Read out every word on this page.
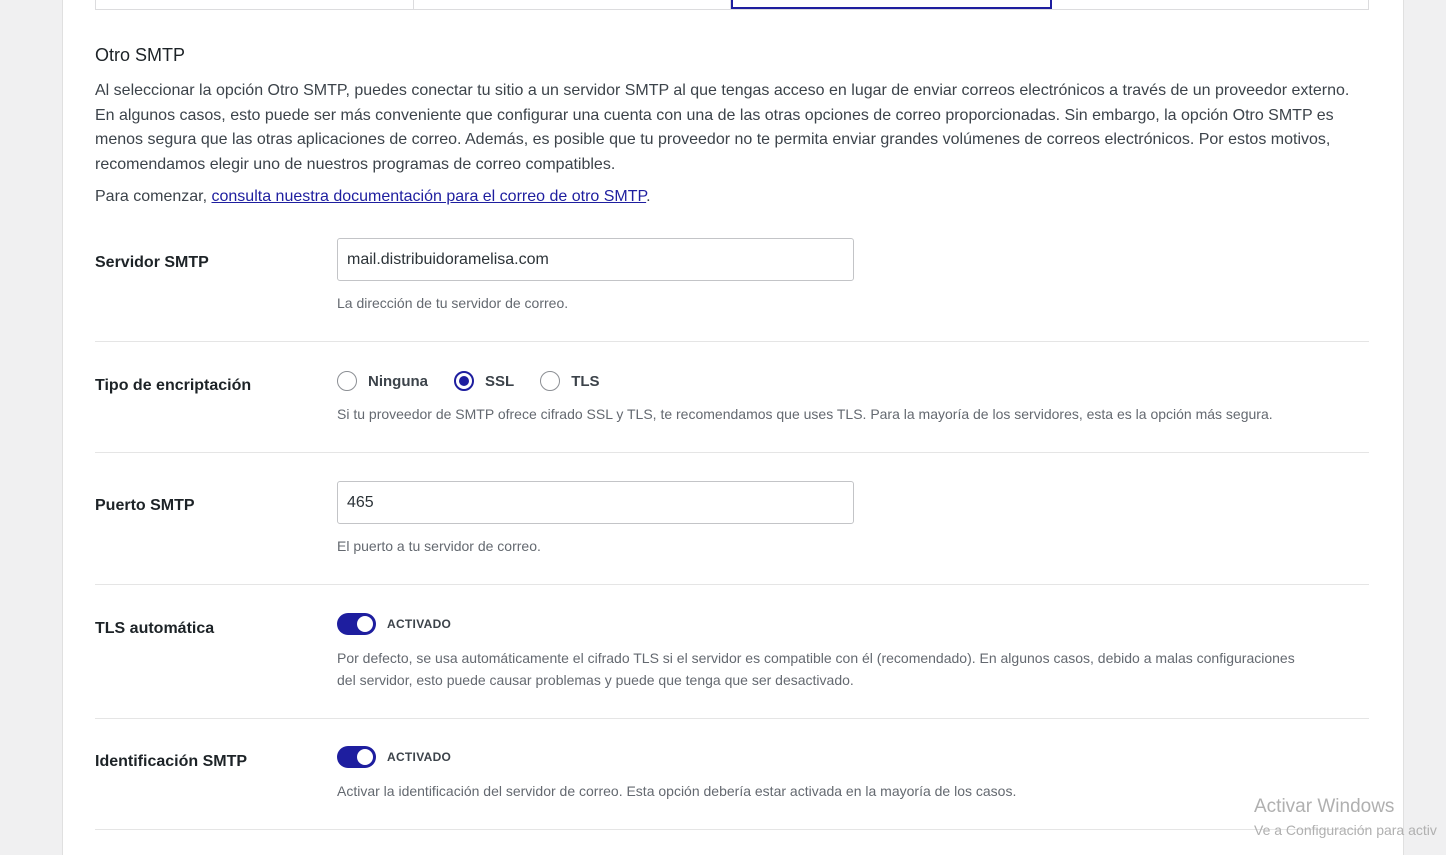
Otro SMTP
Al seleccionar la opción Otro SMTP, puedes conectar tu sitio a un servidor SMTP al que tengas acceso en lugar de enviar correos electrónicos a través de un proveedor externo. En algunos casos, esto puede ser más conveniente que configurar una cuenta con una de las otras opciones de correo proporcionadas. Sin embargo, la opción Otro SMTP es menos segura que las otras aplicaciones de correo. Además, es posible que tu proveedor no te permita enviar grandes volúmenes de correos electrónicos. Por estos motivos, recomendamos elegir uno de nuestros programas de correo compatibles.
Para comenzar, consulta nuestra documentación para el correo de otro SMTP.
Servidor SMTP
mail.distribuidoramelisa.com
La dirección de tu servidor de correo.
Tipo de encriptación	Ninguna	SSL	TLS
Si tu proveedor de SMTP ofrece cifrado SSL y TLS, te recomendamos que uses TLS. Para la mayoría de los servidores, esta es la opción más segura.
Puerto SMTP
465
El puerto a tu servidor de correo.
TLS automática	ACTIVADO
Por defecto, se usa automáticamente el cifrado TLS si el servidor es compatible con él (recomendado). En algunos casos, debido a malas configuraciones del servidor, esto puede causar problemas y puede que tenga que ser desactivado.
Identificación SMTP	ACTIVADO
Activar la identificación del servidor de correo. Esta opción debería estar activada en la mayoría de los casos.
Activar Windows
Ve a Configuración para activ
